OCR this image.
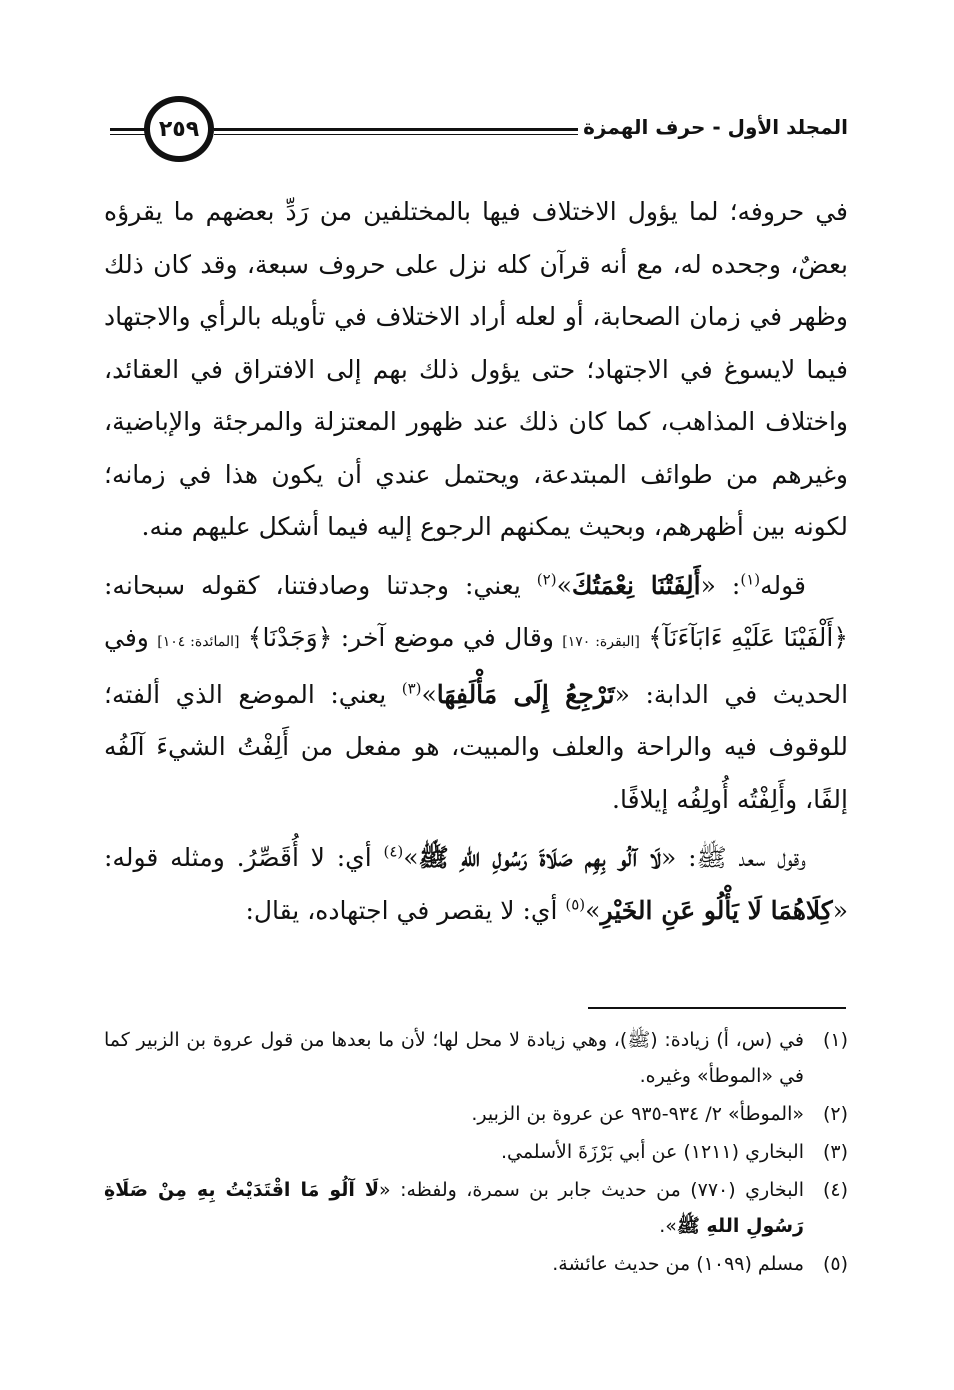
المجلد الأول - حرف الهمزة
٢٥٩

في حروفه؛ لما يؤول الاختلاف فيها بالمختلفين من رَدِّ بعضهم ما يقرؤه بعضٌ، وجحده له، مع أنه قرآن كله نزل على حروف سبعة، وقد كان ذلك وظهر في زمان الصحابة، أو لعله أراد الاختلاف في تأويله بالرأي والاجتهاد فيما لايسوغ في الاجتهاد؛ حتى يؤول ذلك بهم إلى الافتراق في العقائد، واختلاف المذاهب، كما كان ذلك عند ظهور المعتزلة والمرجئة والإباضية، وغيرهم من طوائف المبتدعة، ويحتمل عندي أن يكون هذا في زمانه؛ لكونه بين أظهرهم، وبحيث يمكنهم الرجوع إليه فيما أشكل عليهم منه.

قوله$^{(١)}$: «أَلِفَتْنَا نِعْمَتُكَ»$^{(٢)}$ يعني: وجدتنا وصادفتنا، كقوله سبحانه: ﴿أَلْفَيْنَا عَلَيْهِ ءَابَآءَنَآ﴾ [البقرة: ١٧٠] وقال في موضع آخر: ﴿وَجَدْنَا﴾ [المائدة: ١٠٤] وفي الحديث في الدابة: «تَرْجِعُ إِلَى مَأْلَفِهَا»$^{(٣)}$ يعني: الموضع الذي ألفته؛ للوقوف فيه والراحة والعلف والمبيت، هو مفعل من أَلِفْتُ الشيءَ آلَفُه إلفًا، وأَلِفْتُه أُولِفُه إيلافًا.

وقول سعد ﷺ: «لَا آلُو بِهِم صَلَاةَ رَسُولِ اللهِ ﷺ»$^{(٤)}$ أي: لا أُقَصِّرُ. ومثله قوله: «كِلَاهُمَا لَا يَأْلُو عَنِ الخَيْرِ»$^{(٥)}$ أي: لا يقصر في اجتهاده، يقال:

(١)
في (س، أ) زيادة: (ﷺ)، وهي زيادة لا محل لها؛ لأن ما بعدها من قول عروة بن الزبير كما في «الموطأ» وغيره.
(٢)
«الموطأ» ٢/ ٩٣٤-٩٣٥ عن عروة بن الزبير.
(٣)
البخاري (١٢١١) عن أبي بَرْزَةَ الأسلمي.
(٤)
البخاري (٧٧٠) من حديث جابر بن سمرة، ولفظه: «لَا آلُو مَا اقْتَدَيْتُ بِهِ مِنْ صَلَاةِ رَسُولِ اللهِ ﷺ».
(٥)
مسلم (١٠٩٩) من حديث عائشة.
